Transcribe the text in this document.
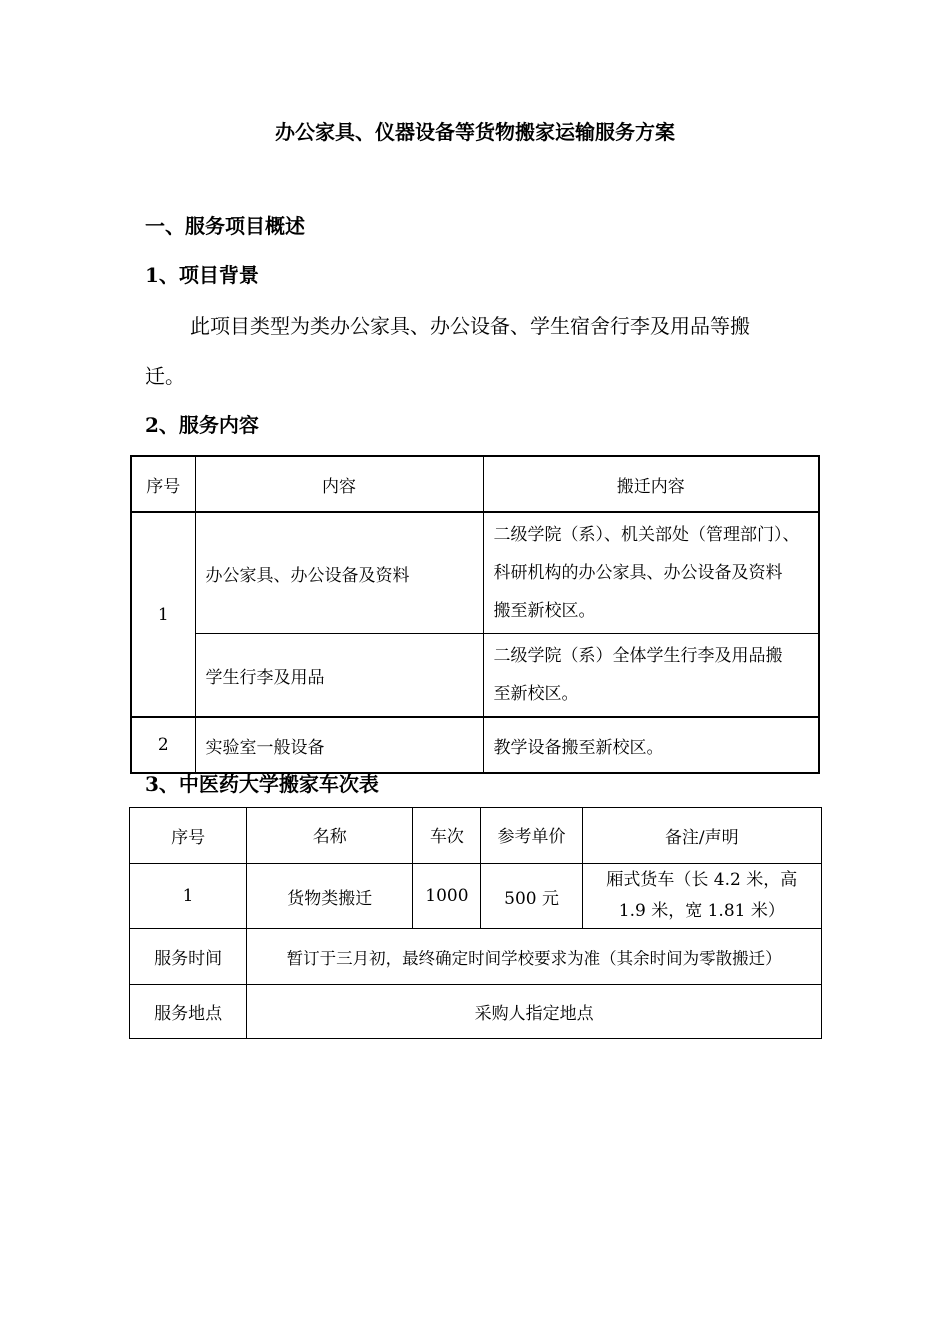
办公家具、仪器设备等货物搬家运输服务方案
一、服务项目概述
1、项目背景
此项目类型为类办公家具、办公设备、学生宿舍行李及用品等搬
迁。
2、服务内容
序号	内容	搬迁内容
1	办公家具、办公设备及资料	二级学院（系）、机关部处（管理部门）、
科研机构的办公家具、办公设备及资料
搬至新校区。

	学生行李及用品	二级学院（系）全体学生行李及用品搬
至新校区。

2	实验室一般设备	教学设备搬至新校区。
3、中医药大学搬家车次表
序号	名称	车次	参考单价	备注/声明
1	货物类搬迁	1000	500 元	厢式货车（长 4.2 米，高
1.9 米，宽 1.81 米）

服务时间	暂订于三月初，最终确定时间学校要求为准（其余时间为零散搬迁）			
服务地点	采购人指定地点			
